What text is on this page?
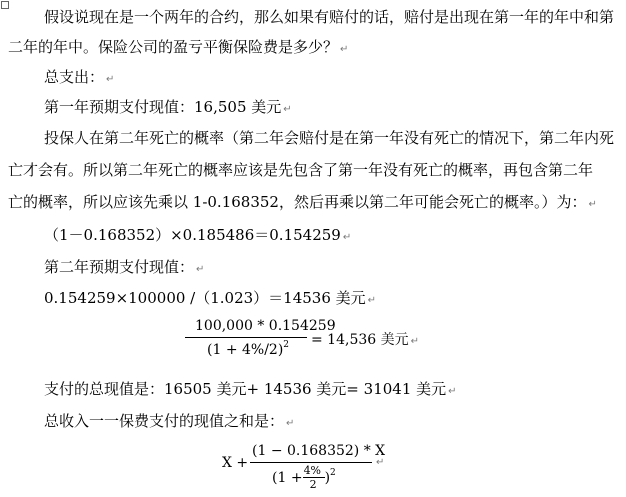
假设说现在是一个两年的合约，那么如果有赔付的话，赔付是出现在第一年的年中和第
二年的年中。保险公司的盈亏平衡保险费是多少？ ↵
总支出： ↵
第一年预期支付现值：16,505 美元 ↵
投保人在第二年死亡的概率（第二年会赔付是在第一年没有死亡的情况下，第二年内死
亡才会有。所以第二年死亡的概率应该是先包含了第一年没有死亡的概率，再包含第二年
亡的概率，所以应该先乘以 1-0.168352，然后再乘以第二年可能会死亡的概率。）为： ↵
（1－0.168352）×0.185486＝0.154259 ↵
第二年预期支付现值： ↵
0.154259×100000 /（1.023）＝14536 美元 ↵
100,000 * 0.154259
$(1 + 4\%/2)^2 = 14,536$ 美元 ↵
支付的总现值是：16505 美元+ 14536 美元= 31041 美元 ↵
总收入一一保费支付的现值之和是： ↵
X +
(1 − 0.168352) * X
$(1 + \frac{4\%}{2} )^2$
↵
